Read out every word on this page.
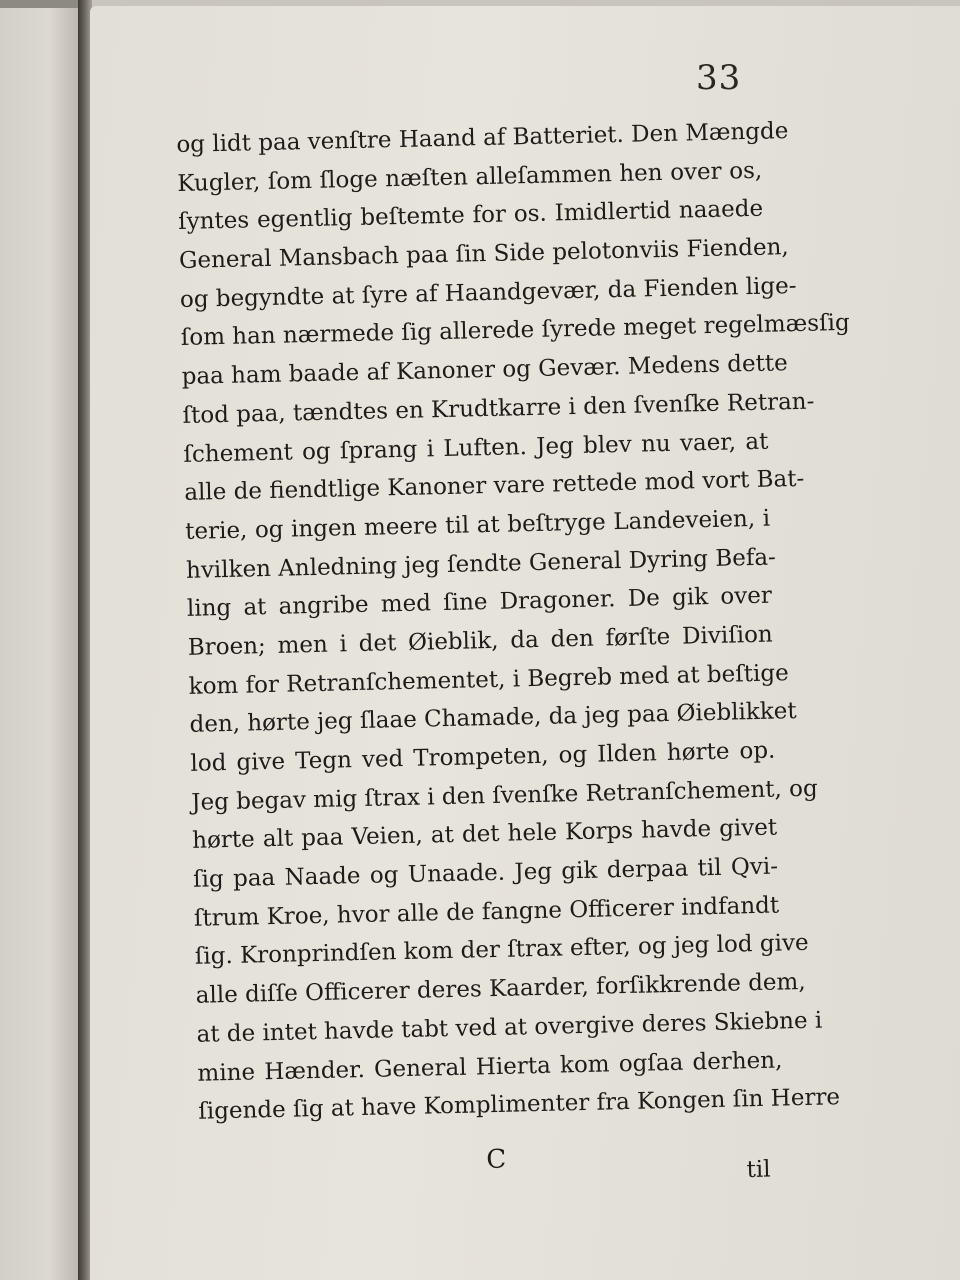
33
og lidt paa venſtre Haand af Batteriet. Den Mængde
Kugler, ſom ſloge næſten alleſammen hen over os,
ſyntes egentlig beſtemte for os. Imidlertid naaede
General Mansbach paa ſin Side pelotonviis Fienden,
og begyndte at ſyre af Haandgevær, da Fienden lige-
ſom han nærmede ſig allerede ſyrede meget regelmæsſig
paa ham baade af Kanoner og Gevær. Medens dette
ſtod paa, tændtes en Krudtkarre i den ſvenſke Retran-
ſchement og ſprang i Luften. Jeg blev nu vaer, at
alle de fiendtlige Kanoner vare rettede mod vort Bat-
terie, og ingen meere til at beſtryge Landeveien, i
hvilken Anledning jeg ſendte General Dyring Befa-
ling at angribe med ſine Dragoner. De gik over
Broen; men i det Øieblik, da den førſte Diviſion
kom for Retranſchementet, i Begreb med at beſtige
den, hørte jeg ſlaae Chamade, da jeg paa Øieblikket
lod give Tegn ved Trompeten, og Ilden hørte op.
Jeg begav mig ſtrax i den ſvenſke Retranſchement, og
hørte alt paa Veien, at det hele Korps havde givet
ſig paa Naade og Unaade. Jeg gik derpaa til Qvi-
ſtrum Kroe, hvor alle de fangne Officerer indfandt
ſig. Kronprindſen kom der ſtrax efter, og jeg lod give
alle diſſe Officerer deres Kaarder, forſikkrende dem,
at de intet havde tabt ved at overgive deres Skiebne i
mine Hænder. General Hierta kom ogſaa derhen,
ſigende ſig at have Komplimenter fra Kongen ſin Herre
C	til
